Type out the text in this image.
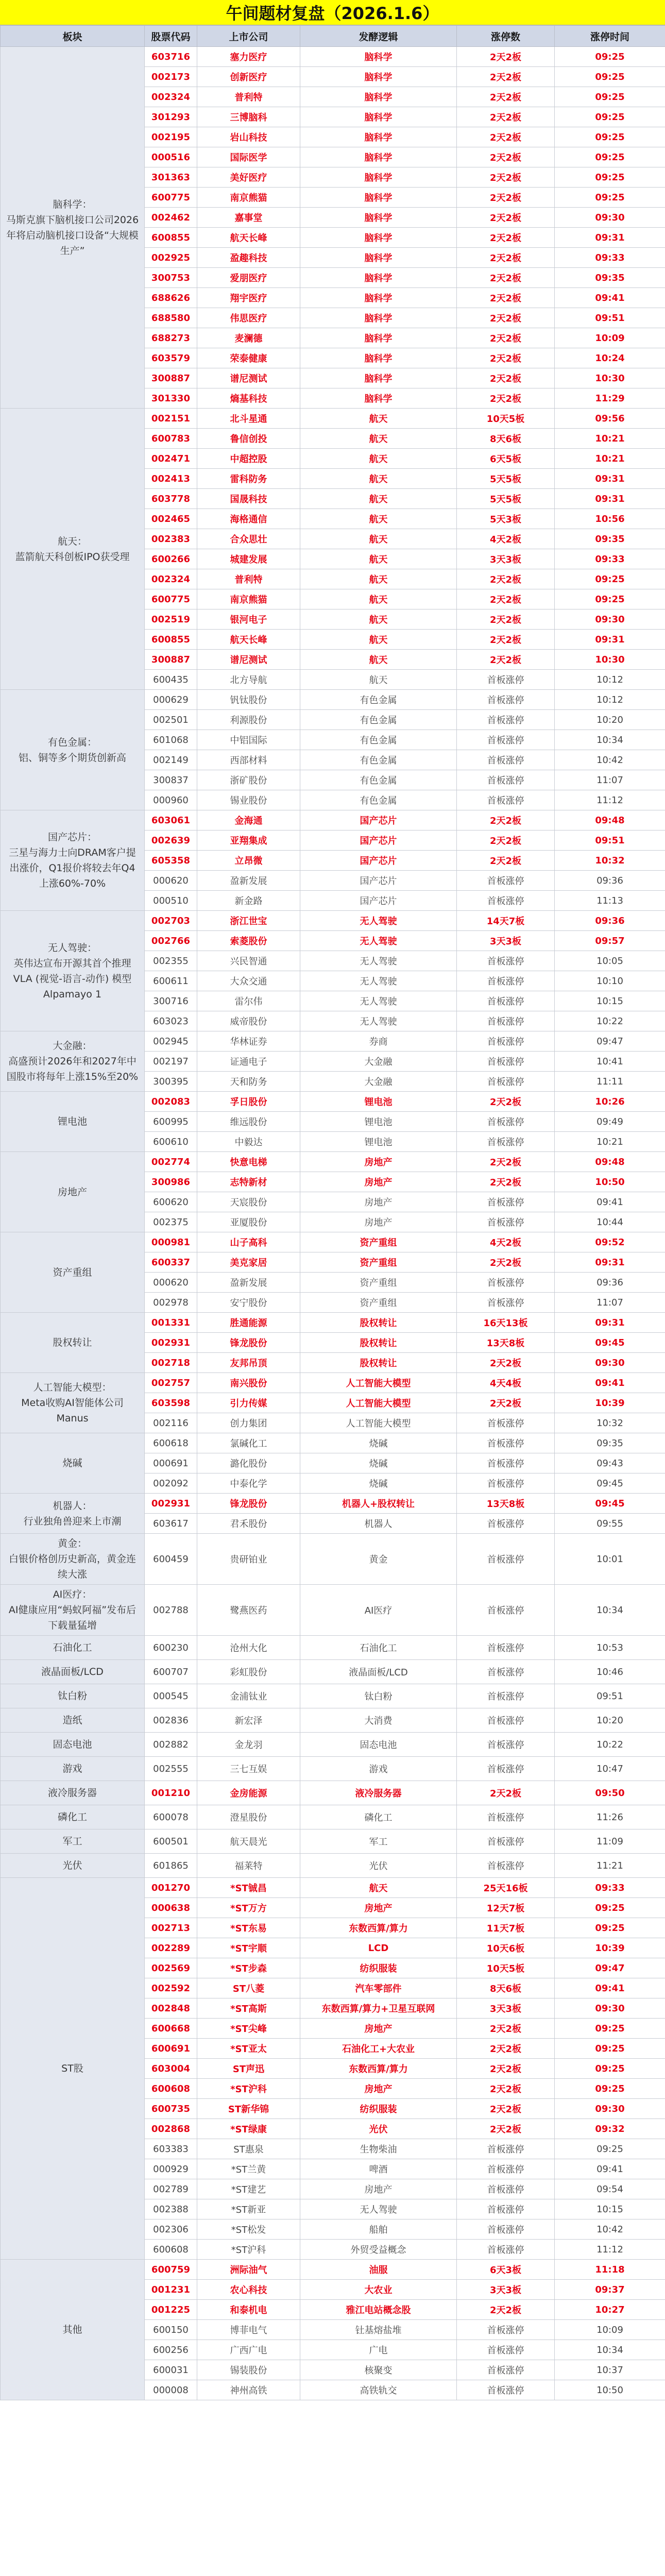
午间题材复盘（2026.1.6）
板块	股票代码	上市公司	发酵逻辑	涨停数	涨停时间
脑科学：
马斯克旗下脑机接口公司2026年将启动脑机接口设备“大规模生产”	603716	塞力医疗	脑科学	2天2板	09:25
	002173	创新医疗	脑科学	2天2板	09:25
	002324	普利特	脑科学	2天2板	09:25
	301293	三博脑科	脑科学	2天2板	09:25
	002195	岩山科技	脑科学	2天2板	09:25
	000516	国际医学	脑科学	2天2板	09:25
	301363	美好医疗	脑科学	2天2板	09:25
	600775	南京熊猫	脑科学	2天2板	09:25
	002462	嘉事堂	脑科学	2天2板	09:30
	600855	航天长峰	脑科学	2天2板	09:31
	002925	盈趣科技	脑科学	2天2板	09:33
	300753	爱朋医疗	脑科学	2天2板	09:35
	688626	翔宇医疗	脑科学	2天2板	09:41
	688580	伟思医疗	脑科学	2天2板	09:51
	688273	麦澜德	脑科学	2天2板	10:09
	603579	荣泰健康	脑科学	2天2板	10:24
	300887	谱尼测试	脑科学	2天2板	10:30
	301330	熵基科技	脑科学	2天2板	11:29
航天：
蓝箭航天科创板IPO获受理	002151	北斗星通	航天	10天5板	09:56
	600783	鲁信创投	航天	8天6板	10:21
	002471	中超控股	航天	6天5板	10:21
	002413	雷科防务	航天	5天5板	09:31
	603778	国晟科技	航天	5天5板	09:31
	002465	海格通信	航天	5天3板	10:56
	002383	合众思壮	航天	4天2板	09:35
	600266	城建发展	航天	3天3板	09:33
	002324	普利特	航天	2天2板	09:25
	600775	南京熊猫	航天	2天2板	09:25
	002519	银河电子	航天	2天2板	09:30
	600855	航天长峰	航天	2天2板	09:31
	300887	谱尼测试	航天	2天2板	10:30
	600435	北方导航	航天	首板涨停	10:12
有色金属：
铝、铜等多个期货创新高	000629	钒钛股份	有色金属	首板涨停	10:12
	002501	利源股份	有色金属	首板涨停	10:20
	601068	中铝国际	有色金属	首板涨停	10:34
	002149	西部材料	有色金属	首板涨停	10:42
	300837	浙矿股份	有色金属	首板涨停	11:07
	000960	锡业股份	有色金属	首板涨停	11:12
国产芯片：
三星与海力士向DRAM客户提出涨价，Q1报价将较去年Q4上涨60%-70%	603061	金海通	国产芯片	2天2板	09:48
	002639	亚翔集成	国产芯片	2天2板	09:51
	605358	立昂微	国产芯片	2天2板	10:32
	000620	盈新发展	国产芯片	首板涨停	09:36
	000510	新金路	国产芯片	首板涨停	11:13
无人驾驶：
英伟达宣布开源其首个推理VLA (视觉-语言-动作) 模型Alpamayo 1	002703	浙江世宝	无人驾驶	14天7板	09:36
	002766	索菱股份	无人驾驶	3天3板	09:57
	002355	兴民智通	无人驾驶	首板涨停	10:05
	600611	大众交通	无人驾驶	首板涨停	10:10
	300716	雷尔伟	无人驾驶	首板涨停	10:15
	603023	威帝股份	无人驾驶	首板涨停	10:22
大金融：
高盛预计2026年和2027年中国股市将每年上涨15%至20%	002945	华林证券	券商	首板涨停	09:47
	002197	证通电子	大金融	首板涨停	10:41
	300395	天和防务	大金融	首板涨停	11:11
锂电池	002083	孚日股份	锂电池	2天2板	10:26
	600995	维远股份	锂电池	首板涨停	09:49
	600610	中毅达	锂电池	首板涨停	10:21
房地产	002774	快意电梯	房地产	2天2板	09:48
	300986	志特新材	房地产	2天2板	10:50
	600620	天宸股份	房地产	首板涨停	09:41
	002375	亚厦股份	房地产	首板涨停	10:44
资产重组	000981	山子高科	资产重组	4天2板	09:52
	600337	美克家居	资产重组	2天2板	09:31
	000620	盈新发展	资产重组	首板涨停	09:36
	002978	安宁股份	资产重组	首板涨停	11:07
股权转让	001331	胜通能源	股权转让	16天13板	09:31
	002931	锋龙股份	股权转让	13天8板	09:45
	002718	友邦吊顶	股权转让	2天2板	09:30
人工智能大模型：
Meta收购AI智能体公司Manus	002757	南兴股份	人工智能大模型	4天4板	09:41
	603598	引力传媒	人工智能大模型	2天2板	10:39
	002116	创力集团	人工智能大模型	首板涨停	10:32
烧碱	600618	氯碱化工	烧碱	首板涨停	09:35
	000691	潞化股份	烧碱	首板涨停	09:43
	002092	中泰化学	烧碱	首板涨停	09:45
机器人：
行业独角兽迎来上市潮	002931	锋龙股份	机器人+股权转让	13天8板	09:45
	603617	君禾股份	机器人	首板涨停	09:55
黄金：
白银价格创历史新高，黄金连续大涨	600459	贵研铂业	黄金	首板涨停	10:01
AI医疗：
AI健康应用“蚂蚁阿福”发布后下载量猛增	002788	鹭燕医药	AI医疗	首板涨停	10:34
石油化工	600230	沧州大化	石油化工	首板涨停	10:53
液晶面板/LCD	600707	彩虹股份	液晶面板/LCD	首板涨停	10:46
钛白粉	000545	金浦钛业	钛白粉	首板涨停	09:51
造纸	002836	新宏泽	大消费	首板涨停	10:20
固态电池	002882	金龙羽	固态电池	首板涨停	10:22
游戏	002555	三七互娱	游戏	首板涨停	10:47
液冷服务器	001210	金房能源	液冷服务器	2天2板	09:50
磷化工	600078	澄星股份	磷化工	首板涨停	11:26
军工	600501	航天晨光	军工	首板涨停	11:09
光伏	601865	福莱特	光伏	首板涨停	11:21
ST股	001270	*ST铖昌	航天	25天16板	09:33
	000638	*ST万方	房地产	12天7板	09:25
	002713	*ST东易	东数西算/算力	11天7板	09:25
	002289	*ST宇顺	LCD	10天6板	10:39
	002569	*ST步森	纺织服装	10天5板	09:47
	002592	ST八菱	汽车零部件	8天6板	09:41
	002848	*ST高斯	东数西算/算力+卫星互联网	3天3板	09:30
	600668	*ST尖峰	房地产	2天2板	09:25
	600691	*ST亚太	石油化工+大农业	2天2板	09:25
	603004	ST声迅	东数西算/算力	2天2板	09:25
	600608	*ST沪科	房地产	2天2板	09:25
	600735	ST新华锦	纺织服装	2天2板	09:30
	002868	*ST绿康	光伏	2天2板	09:32
	603383	ST惠泉	生物柴油	首板涨停	09:25
	000929	*ST兰黄	啤酒	首板涨停	09:41
	002789	*ST建艺	房地产	首板涨停	09:54
	002388	*ST新亚	无人驾驶	首板涨停	10:15
	002306	*ST松发	船舶	首板涨停	10:42
	600608	*ST沪科	外贸受益概念	首板涨停	11:12
其他	600759	洲际油气	油服	6天3板	11:18
	001231	农心科技	大农业	3天3板	09:37
	001225	和泰机电	雅江电站概念股	2天2板	10:27
	600150	博菲电气	钍基熔盐堆	首板涨停	10:09
	600256	广西广电	广电	首板涨停	10:34
	600031	锡装股份	核聚变	首板涨停	10:37
	000008	神州高铁	高铁轨交	首板涨停	10:50
